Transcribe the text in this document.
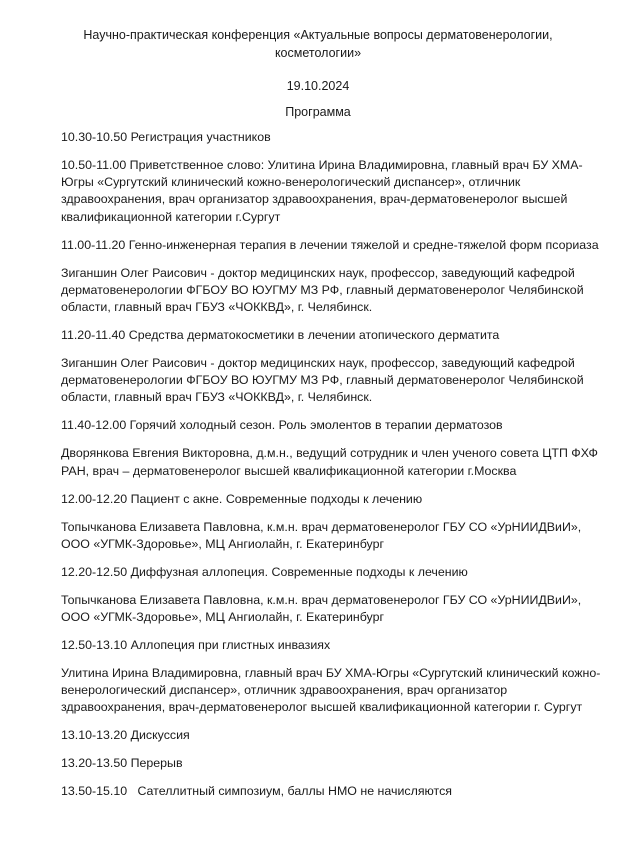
Научно-практическая конференция «Актуальные вопросы дерматовенерологии, косметологии»
19.10.2024
Программа

10.30-10.50 Регистрация участников

10.50-11.00 Приветственное слово: Улитина Ирина Владимировна, главный врач БУ ХМА-Югры «Сургутский клинический кожно-венерологический диспансер», отличник здравоохранения, врач организатор здравоохранения, врач-дерматовенеролог высшей квалификационной категории г.Сургут

11.00-11.20 Генно-инженерная терапия в лечении тяжелой и средне-тяжелой форм псориаза

Зиганшин Олег Раисович - доктор медицинских наук, профессор, заведующий кафедрой дерматовенерологии ФГБОУ ВО ЮУГМУ МЗ РФ, главный дерматовенеролог Челябинской области, главный врач ГБУЗ «ЧОККВД», г. Челябинск.

11.20-11.40 Средства дерматокосметики в лечении атопического дерматита

Зиганшин Олег Раисович - доктор медицинских наук, профессор, заведующий кафедрой дерматовенерологии ФГБОУ ВО ЮУГМУ МЗ РФ, главный дерматовенеролог Челябинской области, главный врач ГБУЗ «ЧОККВД», г. Челябинск.

11.40-12.00 Горячий холодный сезон. Роль эмолентов в терапии дерматозов

Дворянкова Евгения Викторовна, д.м.н., ведущий сотрудник и член ученого совета ЦТП ФХФ РАН, врач – дерматовенеролог высшей квалификационной категории г.Москва

12.00-12.20 Пациент с акне. Современные подходы к лечению

Топычканова Елизавета Павловна, к.м.н. врач дерматовенеролог ГБУ СО «УрНИИДВиИ», ООО «УГМК-Здоровье», МЦ Ангиолайн, г. Екатеринбург

12.20-12.50 Диффузная аллопеция. Современные подходы к лечению

Топычканова Елизавета Павловна, к.м.н. врач дерматовенеролог ГБУ СО «УрНИИДВиИ», ООО «УГМК-Здоровье», МЦ Ангиолайн, г. Екатеринбург

12.50-13.10 Аллопеция при глистных инвазиях

Улитина Ирина Владимировна, главный врач БУ ХМА-Югры «Сургутский клинический кожно-венерологический диспансер», отличник здравоохранения, врач организатор здравоохранения, врач-дерматовенеролог высшей квалификационной категории г. Сургут

13.10-13.20 Дискуссия

13.20-13.50 Перерыв

13.50-15.10   Сателлитный симпозиум, баллы НМО не начисляются
